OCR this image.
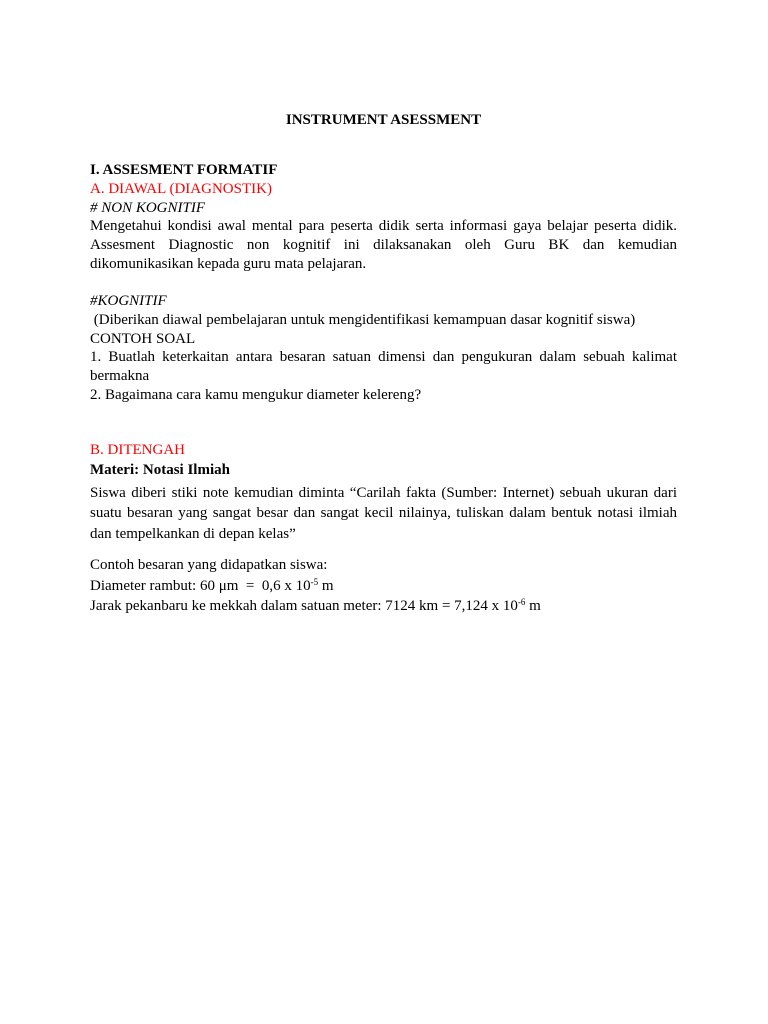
INSTRUMENT ASESSMENT
I. ASSESMENT FORMATIF
A. DIAWAL (DIAGNOSTIK)
# NON KOGNITIF
Mengetahui kondisi awal mental para peserta didik serta informasi gaya belajar peserta didik. Assesment Diagnostic non kognitif ini dilaksanakan oleh Guru BK dan kemudian dikomunikasikan kepada guru mata pelajaran.
#KOGNITIF
(Diberikan diawal pembelajaran untuk mengidentifikasi kemampuan dasar kognitif siswa)
CONTOH SOAL
1. Buatlah keterkaitan antara besaran satuan dimensi dan pengukuran dalam sebuah kalimat bermakna
2. Bagaimana cara kamu mengukur diameter kelereng?
B. DITENGAH
Materi: Notasi Ilmiah
Siswa diberi stiki note kemudian diminta “Carilah fakta (Sumber: Internet) sebuah ukuran dari suatu besaran yang sangat besar dan sangat kecil nilainya, tuliskan dalam bentuk notasi ilmiah dan tempelkankan di depan kelas”
Contoh besaran yang didapatkan siswa:
Diameter rambut: 60 μm  =  0,6 x $10^{-5}$ m
Jarak pekanbaru ke mekkah dalam satuan meter: 7124 km = 7,124 x $10^{-6}$ m
